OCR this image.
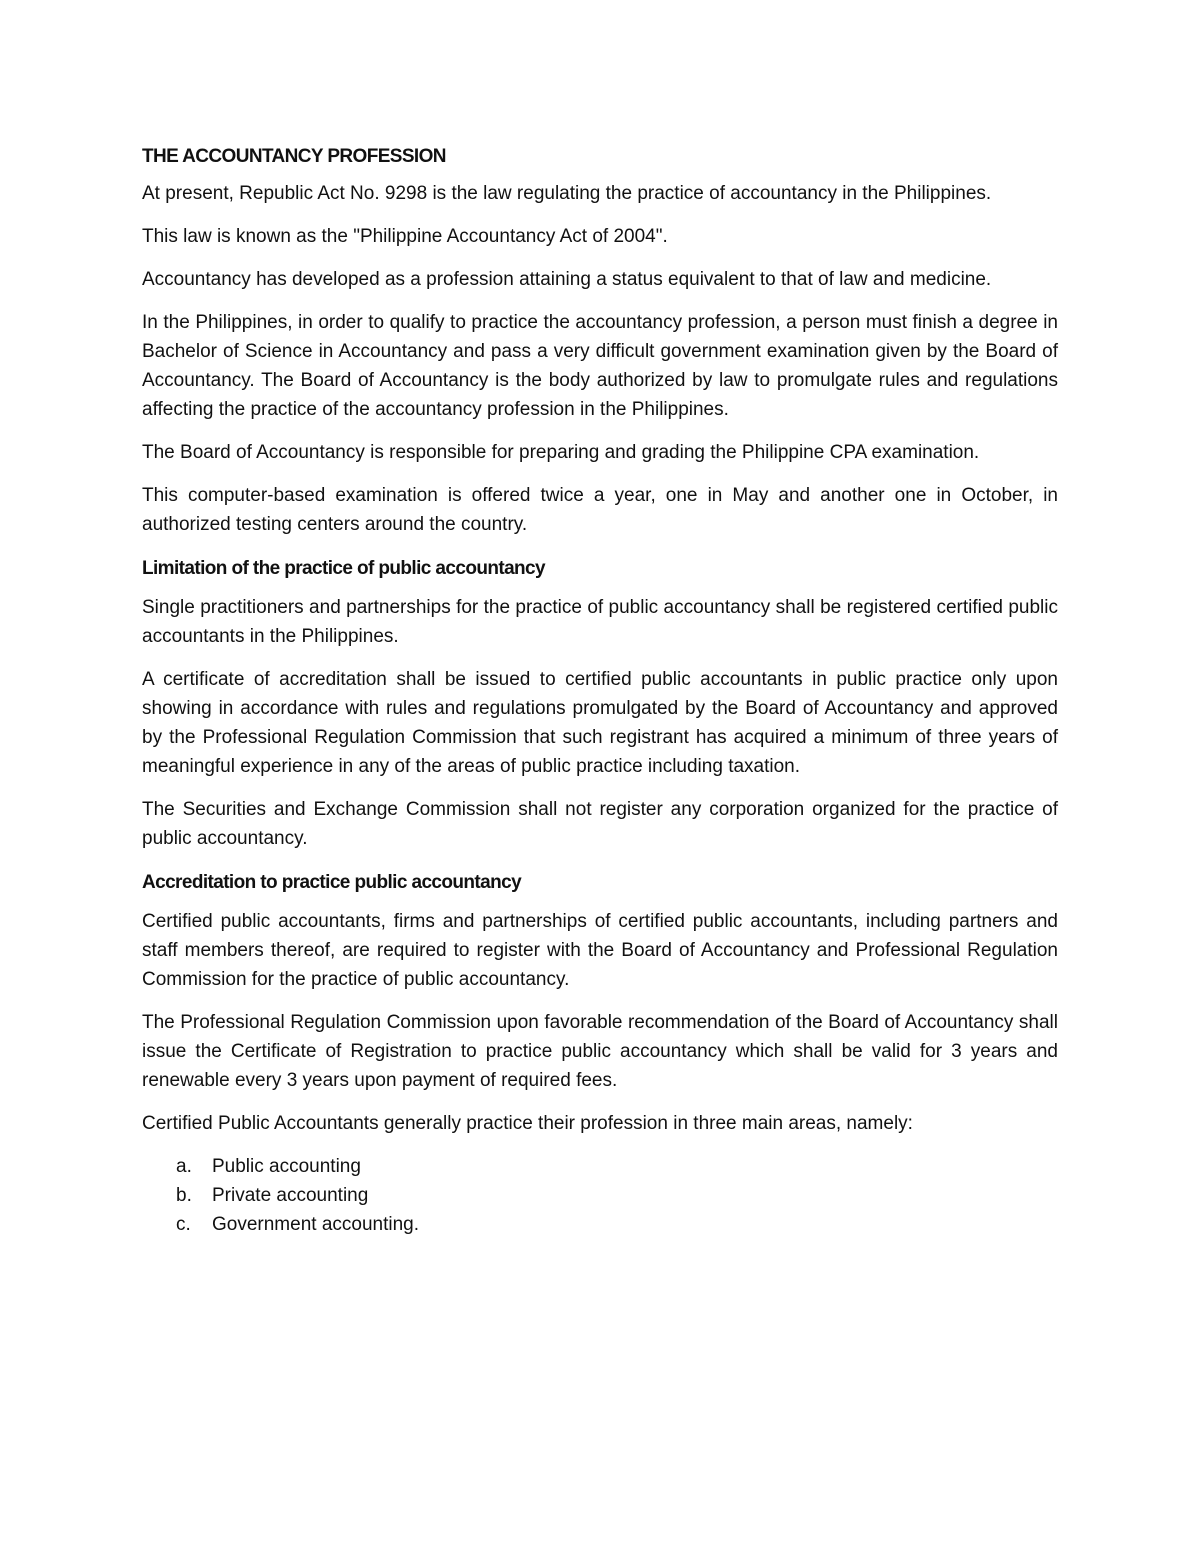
THE ACCOUNTANCY PROFESSION

At present, Republic Act No. 9298 is the law regulating the practice of accountancy in the Philippines.

This law is known as the "Philippine Accountancy Act of 2004".

Accountancy has developed as a profession attaining a status equivalent to that of law and medicine.

In the Philippines, in order to qualify to practice the accountancy profession, a person must finish a degree in Bachelor of Science in Accountancy and pass a very difficult government examination given by the Board of Accountancy. The Board of Accountancy is the body authorized by law to promulgate rules and regulations affecting the practice of the accountancy profession in the Philippines.

The Board of Accountancy is responsible for preparing and grading the Philippine CPA examination.

This computer-based examination is offered twice a year, one in May and another one in October, in authorized testing centers around the country.

Limitation of the practice of public accountancy

Single practitioners and partnerships for the practice of public accountancy shall be registered certified public accountants in the Philippines.

A certificate of accreditation shall be issued to certified public accountants in public practice only upon showing in accordance with rules and regulations promulgated by the Board of Accountancy and approved by the Professional Regulation Commission that such registrant has acquired a minimum of three years of meaningful experience in any of the areas of public practice including taxation.

The Securities and Exchange Commission shall not register any corporation organized for the practice of public accountancy.

Accreditation to practice public accountancy

Certified public accountants, firms and partnerships of certified public accountants, including partners and staff members thereof, are required to register with the Board of Accountancy and Professional Regulation Commission for the practice of public accountancy.

The Professional Regulation Commission upon favorable recommendation of the Board of Accountancy shall issue the Certificate of Registration to practice public accountancy which shall be valid for 3 years and renewable every 3 years upon payment of required fees.

Certified Public Accountants generally practice their profession in three main areas, namely:

a.	Public accounting
b.	Private accounting
c.	Government accounting.
